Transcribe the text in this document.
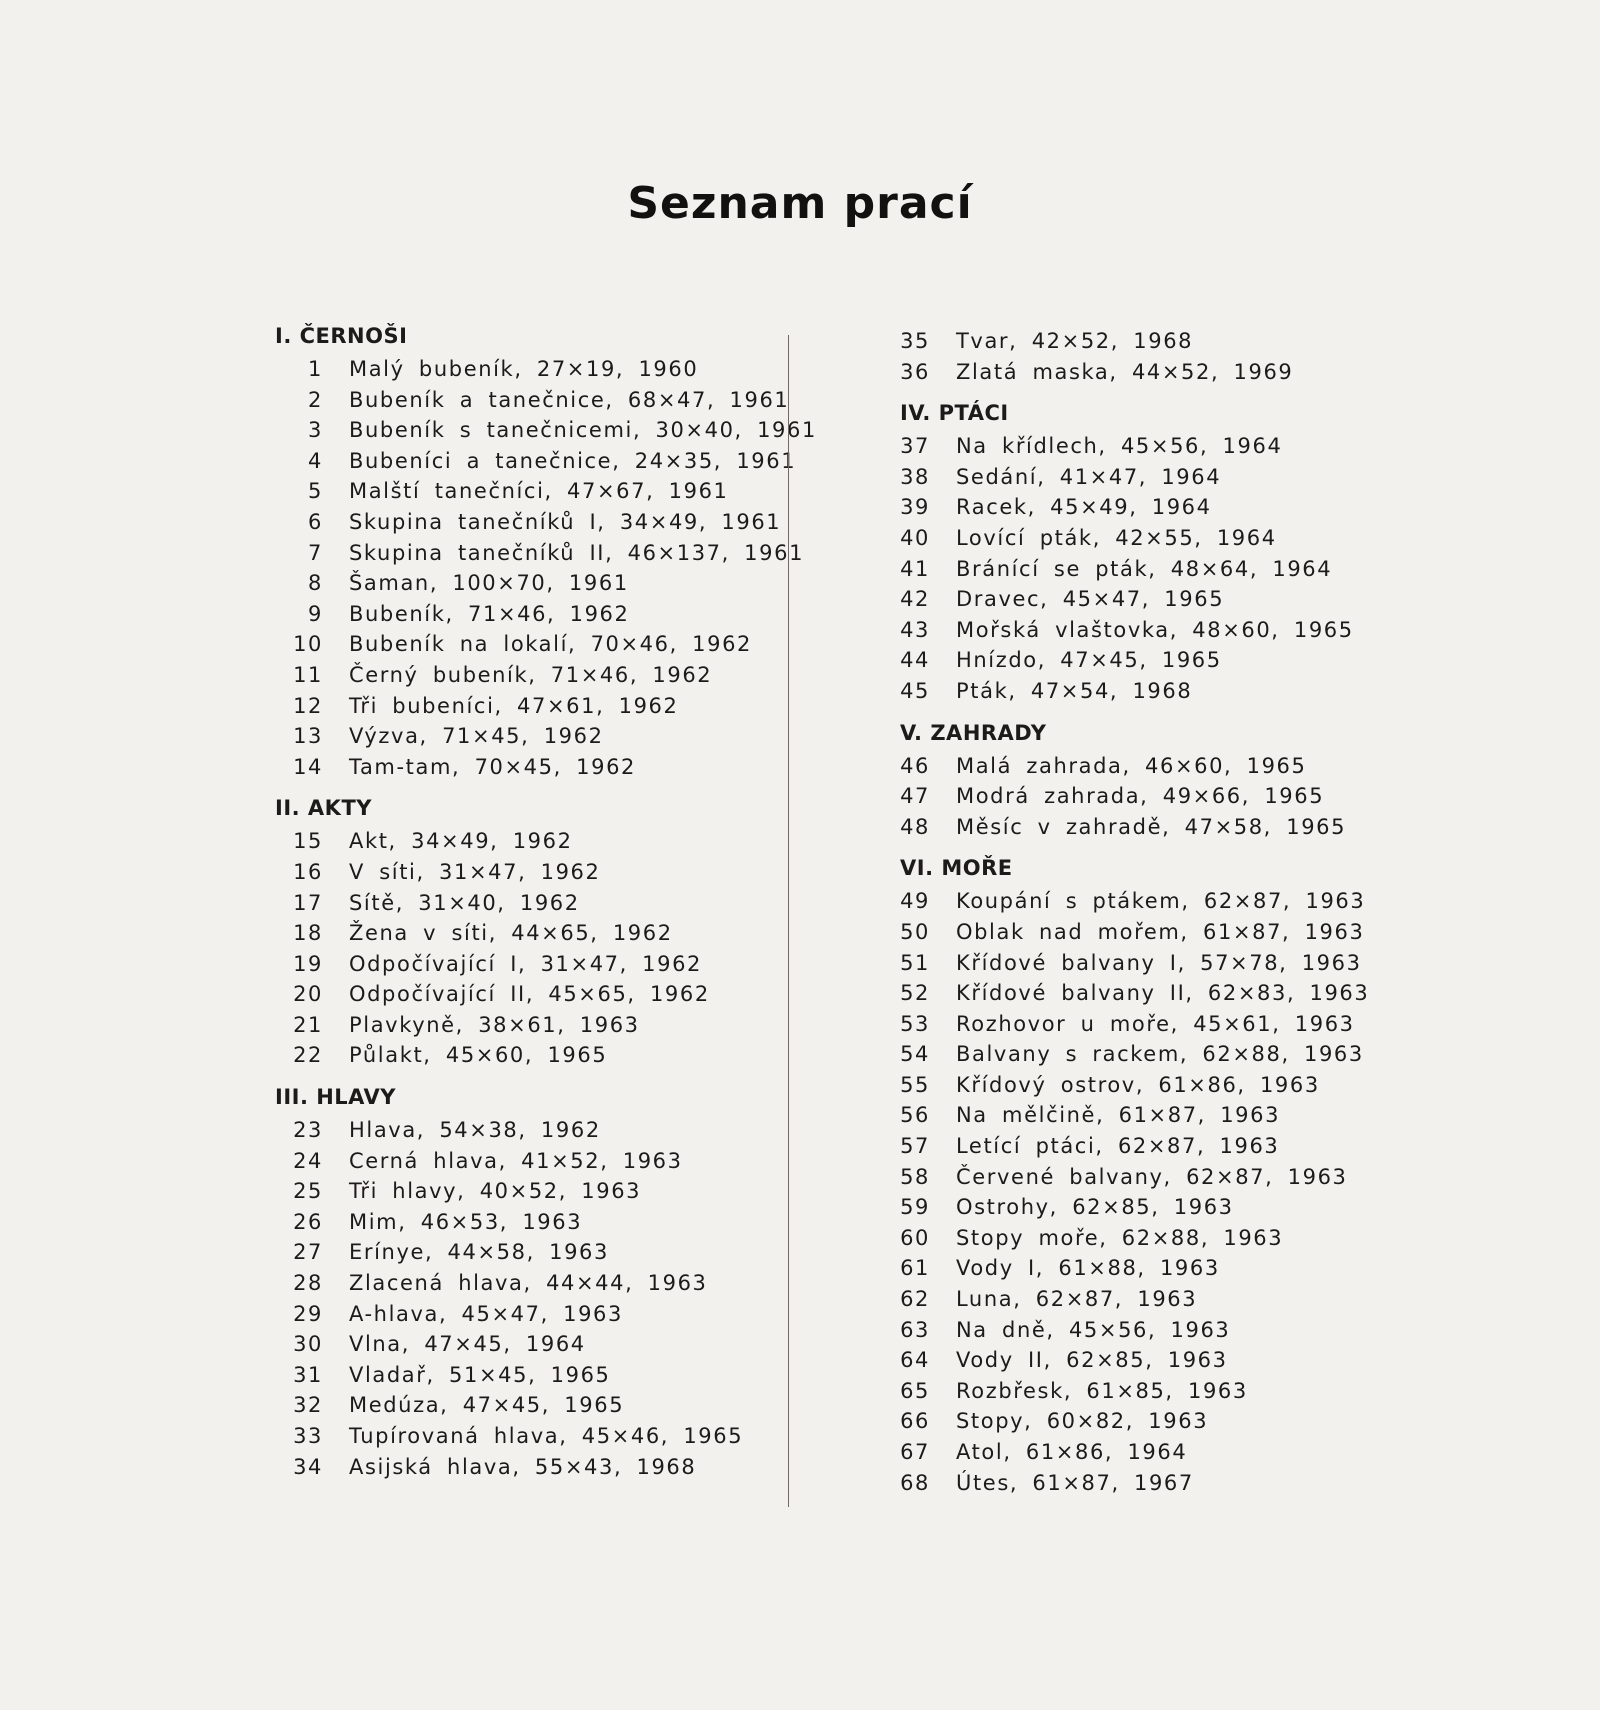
Seznam prací
I. ČERNOŠI
1 Malý bubeník, 27×19, 1960
2 Bubeník a tanečnice, 68×47, 1961
3 Bubeník s tanečnicemi, 30×40, 1961
4 Bubeníci a tanečnice, 24×35, 1961
5 Malští tanečníci, 47×67, 1961
6 Skupina tanečníků I, 34×49, 1961
7 Skupina tanečníků II, 46×137, 1961
8 Šaman, 100×70, 1961
9 Bubeník, 71×46, 1962
10 Bubeník na lokalí, 70×46, 1962
11 Černý bubeník, 71×46, 1962
12 Tři bubeníci, 47×61, 1962
13 Výzva, 71×45, 1962
14 Tam-tam, 70×45, 1962
II. AKTY
15 Akt, 34×49, 1962
16 V síti, 31×47, 1962
17 Sítě, 31×40, 1962
18 Žena v síti, 44×65, 1962
19 Odpočívající I, 31×47, 1962
20 Odpočívající II, 45×65, 1962
21 Plavkyně, 38×61, 1963
22 Půlakt, 45×60, 1965
III. HLAVY
23 Hlava, 54×38, 1962
24 Cerná hlava, 41×52, 1963
25 Tři hlavy, 40×52, 1963
26 Mim, 46×53, 1963
27 Erínye, 44×58, 1963
28 Zlacená hlava, 44×44, 1963
29 A-hlava, 45×47, 1963
30 Vlna, 47×45, 1964
31 Vladař, 51×45, 1965
32 Medúza, 47×45, 1965
33 Tupírovaná hlava, 45×46, 1965
34 Asijská hlava, 55×43, 1968
35 Tvar, 42×52, 1968
36 Zlatá maska, 44×52, 1969
IV. PTÁCI
37 Na křídlech, 45×56, 1964
38 Sedání, 41×47, 1964
39 Racek, 45×49, 1964
40 Lovící pták, 42×55, 1964
41 Bránící se pták, 48×64, 1964
42 Dravec, 45×47, 1965
43 Mořská vlaštovka, 48×60, 1965
44 Hnízdo, 47×45, 1965
45 Pták, 47×54, 1968
V. ZAHRADY
46 Malá zahrada, 46×60, 1965
47 Modrá zahrada, 49×66, 1965
48 Měsíc v zahradě, 47×58, 1965
VI. MOŘE
49 Koupání s ptákem, 62×87, 1963
50 Oblak nad mořem, 61×87, 1963
51 Křídové balvany I, 57×78, 1963
52 Křídové balvany II, 62×83, 1963
53 Rozhovor u moře, 45×61, 1963
54 Balvany s rackem, 62×88, 1963
55 Křídový ostrov, 61×86, 1963
56 Na mělčině, 61×87, 1963
57 Letící ptáci, 62×87, 1963
58 Červené balvany, 62×87, 1963
59 Ostrohy, 62×85, 1963
60 Stopy moře, 62×88, 1963
61 Vody I, 61×88, 1963
62 Luna, 62×87, 1963
63 Na dně, 45×56, 1963
64 Vody II, 62×85, 1963
65 Rozbřesk, 61×85, 1963
66 Stopy, 60×82, 1963
67 Atol, 61×86, 1964
68 Útes, 61×87, 1967
